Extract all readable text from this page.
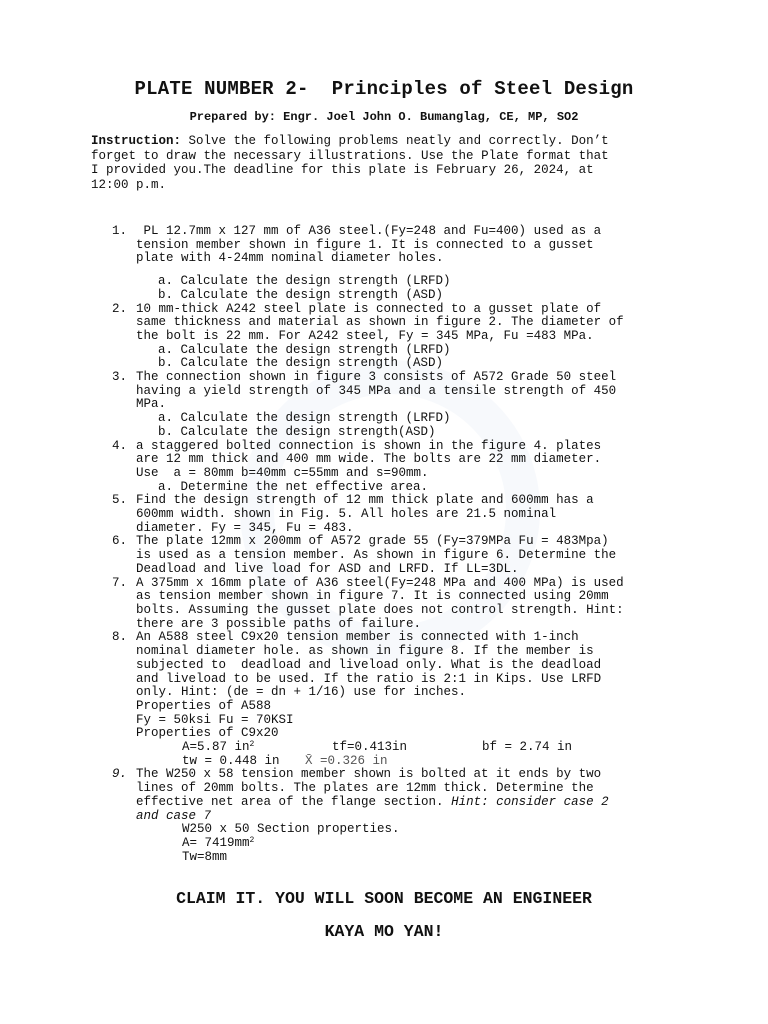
PLATE NUMBER 2-  Principles of Steel Design
Prepared by: Engr. Joel John O. Bumanglag, CE, MP, SO2
Instruction: Solve the following problems neatly and correctly. Don’t
forget to draw the necessary illustrations. Use the Plate format that
I provided you.The deadline for this plate is February 26, 2024, at
12:00 p.m.
1. PL 12.7mm x 127 mm of A36 steel.(Fy=248 and Fu=400) used as a
tension member shown in figure 1. It is connected to a gusset
plate with 4-24mm nominal diameter holes.
a. Calculate the design strength (LRFD)
b. Calculate the design strength (ASD)
2. 10 mm-thick A242 steel plate is connected to a gusset plate of
same thickness and material as shown in figure 2. The diameter of
the bolt is 22 mm. For A242 steel, Fy = 345 MPa, Fu =483 MPa.
a. Calculate the design strength (LRFD)
b. Calculate the design strength (ASD)
3. The connection shown in figure 3 consists of A572 Grade 50 steel
having a yield strength of 345 MPa and a tensile strength of 450
MPa.
a. Calculate the design strength (LRFD)
b. Calculate the design strength(ASD)
4. a staggered bolted connection is shown in the figure 4. plates
are 12 mm thick and 400 mm wide. The bolts are 22 mm diameter.
Use  a = 80mm b=40mm c=55mm and s=90mm.
a. Determine the net effective area.
5. Find the design strength of 12 mm thick plate and 600mm has a
600mm width. shown in Fig. 5. All holes are 21.5 nominal
diameter. Fy = 345, Fu = 483.
6. The plate 12mm x 200mm of A572 grade 55 (Fy=379MPa Fu = 483Mpa)
is used as a tension member. As shown in figure 6. Determine the
Deadload and live load for ASD and LRFD. If LL=3DL.
7. A 375mm x 16mm plate of A36 steel(Fy=248 MPa and 400 MPa) is used
as tension member shown in figure 7. It is connected using 20mm
bolts. Assuming the gusset plate does not control strength. Hint:
there are 3 possible paths of failure.
8. An A588 steel C9x20 tension member is connected with 1-inch
nominal diameter hole. as shown in figure 8. If the member is
subjected to  deadload and liveload only. What is the deadload
and liveload to be used. If the ratio is 2:1 in Kips. Use LRFD
only. Hint: (de = dn + 1/16) use for inches.
Properties of A588
Fy = 50ksi Fu = 70KSI
Properties of C9x20
A=5.87 $in^2$	tf=0.413in	bf = 2.74 in
tw = 0.448 in X̄ =0.326 in
9. The W250 x 58 tension member shown is bolted at it ends by two
lines of 20mm bolts. The plates are 12mm thick. Determine the
effective net area of the flange section. Hint: consider case 2
and case 7
W250 x 50 Section properties.
$A= 7419mm^2$
Tw=8mm
CLAIM IT. YOU WILL SOON BECOME AN ENGINEER
KAYA MO YAN!
